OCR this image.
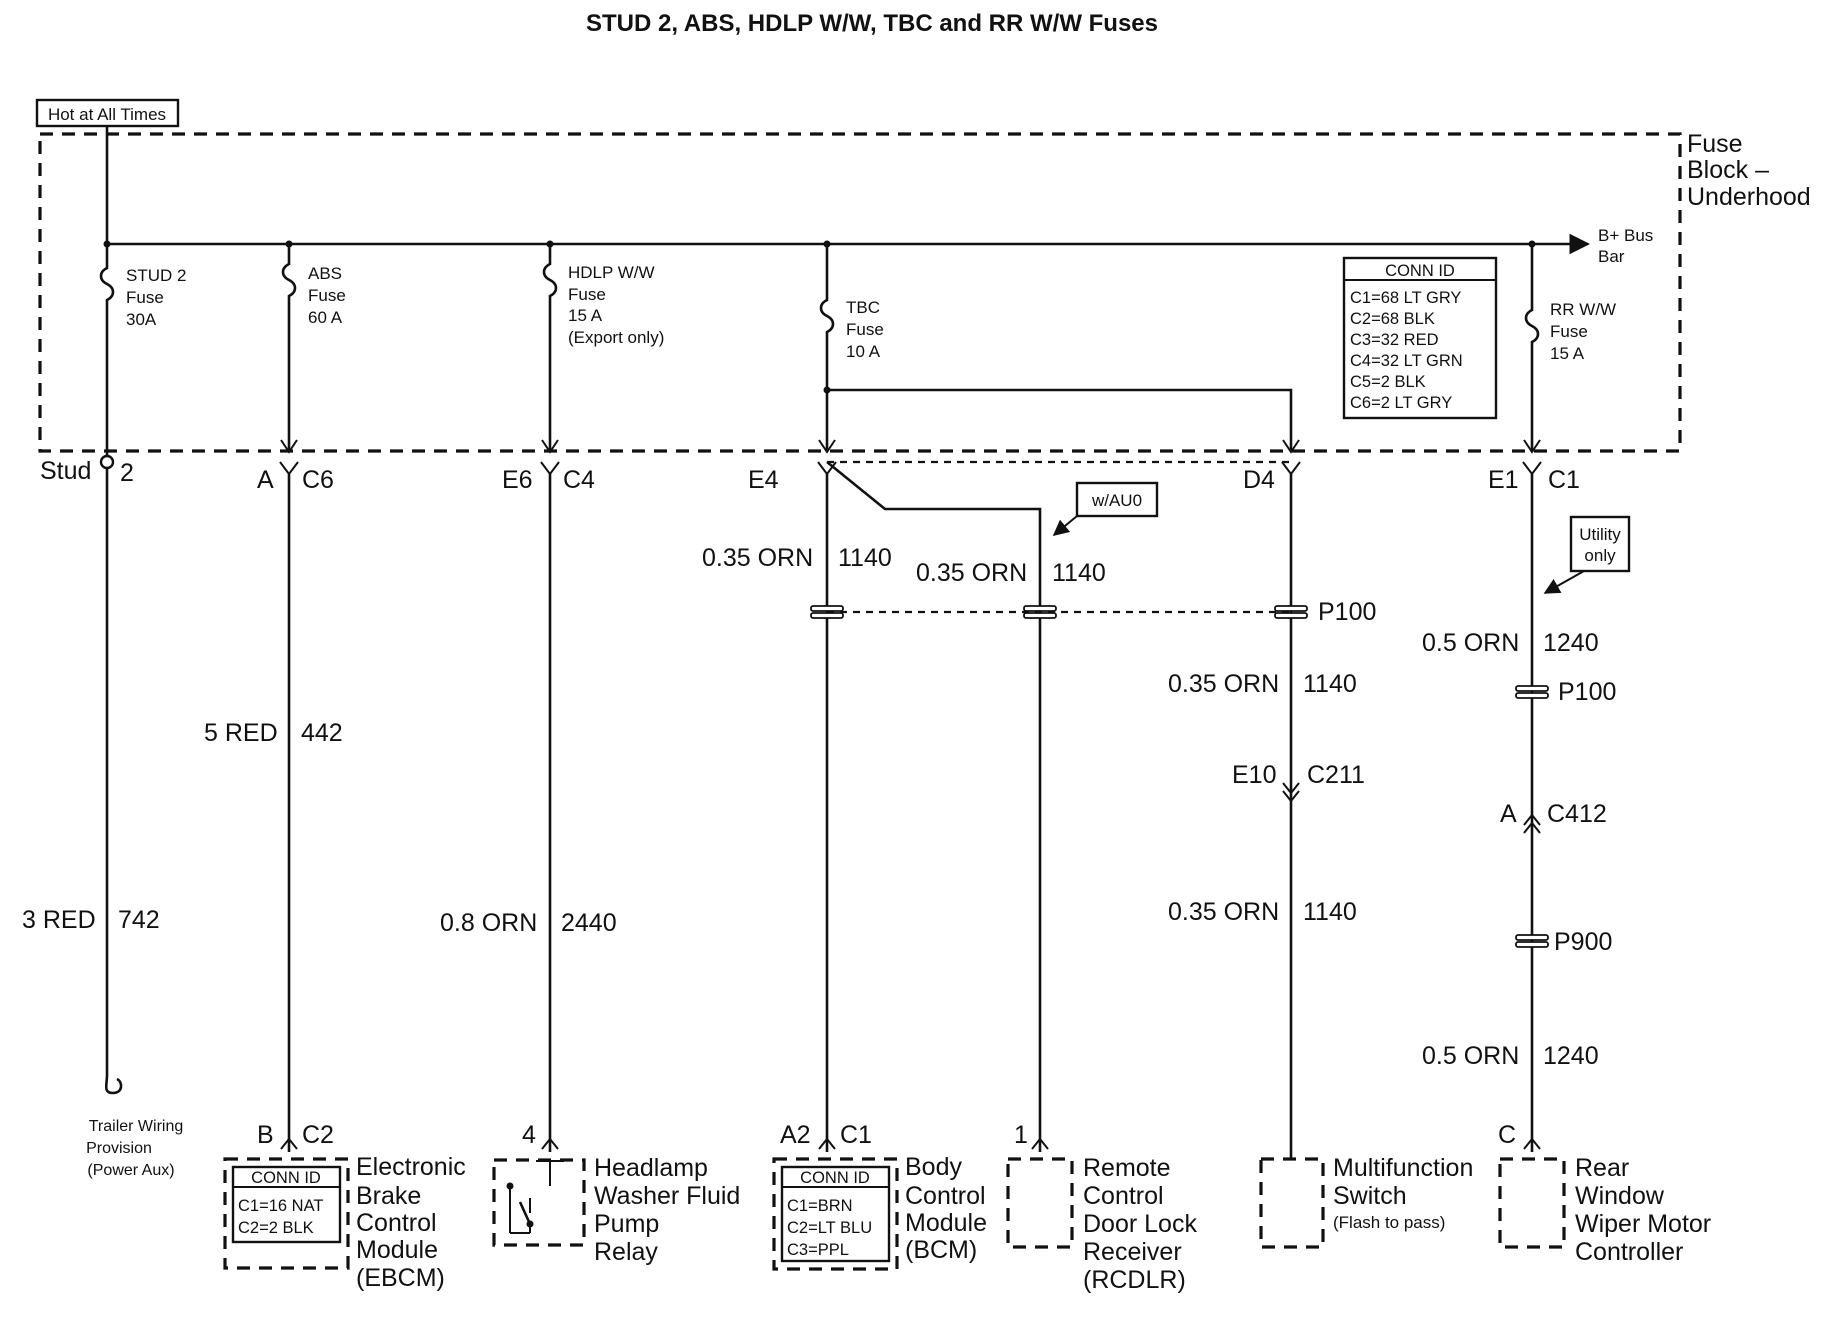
STUD 2, ABS, HDLP W/W, TBC and RR W/W Fuses
Hot at All Times
Fuse
Block –
Underhood
B+ Bus
Bar
STUD 2
Fuse
30A
ABS
Fuse
60 A
HDLP W/W
Fuse
15 A
(Export only)
TBC
Fuse
10 A
RR W/W
Fuse
15 A
CONN ID
C1=68 LT GRY
C2=68 BLK
C3=32 RED
C4=32 LT GRN
C5=2 BLK
C6=2 LT GRY
Stud 2	A C6	E6 C4	E4	D4	E1 C1
3 RED 742
Trailer Wiring
Provision
(Power Aux)
5 RED 442
0.8 ORN 2440
0.35 ORN 1140
0.35 ORN 1140
w/AU0
P100
0.35 ORN 1140
E10 C211
0.35 ORN 1140
0.5 ORN 1240
Utility
only
P100
A C412
P900
0.5 ORN 1240
B C2
CONN ID
C1=16 NAT
C2=2 BLK
Electronic
Brake
Control
Module
(EBCM)
4
Headlamp
Washer Fluid
Pump
Relay
A2 C1
CONN ID
C1=BRN
C2=LT BLU
C3=PPL
Body
Control
Module
(BCM)
1
Remote
Control
Door Lock
Receiver
(RCDLR)
Multifunction
Switch
(Flash to pass)
C
Rear
Window
Wiper Motor
Controller
